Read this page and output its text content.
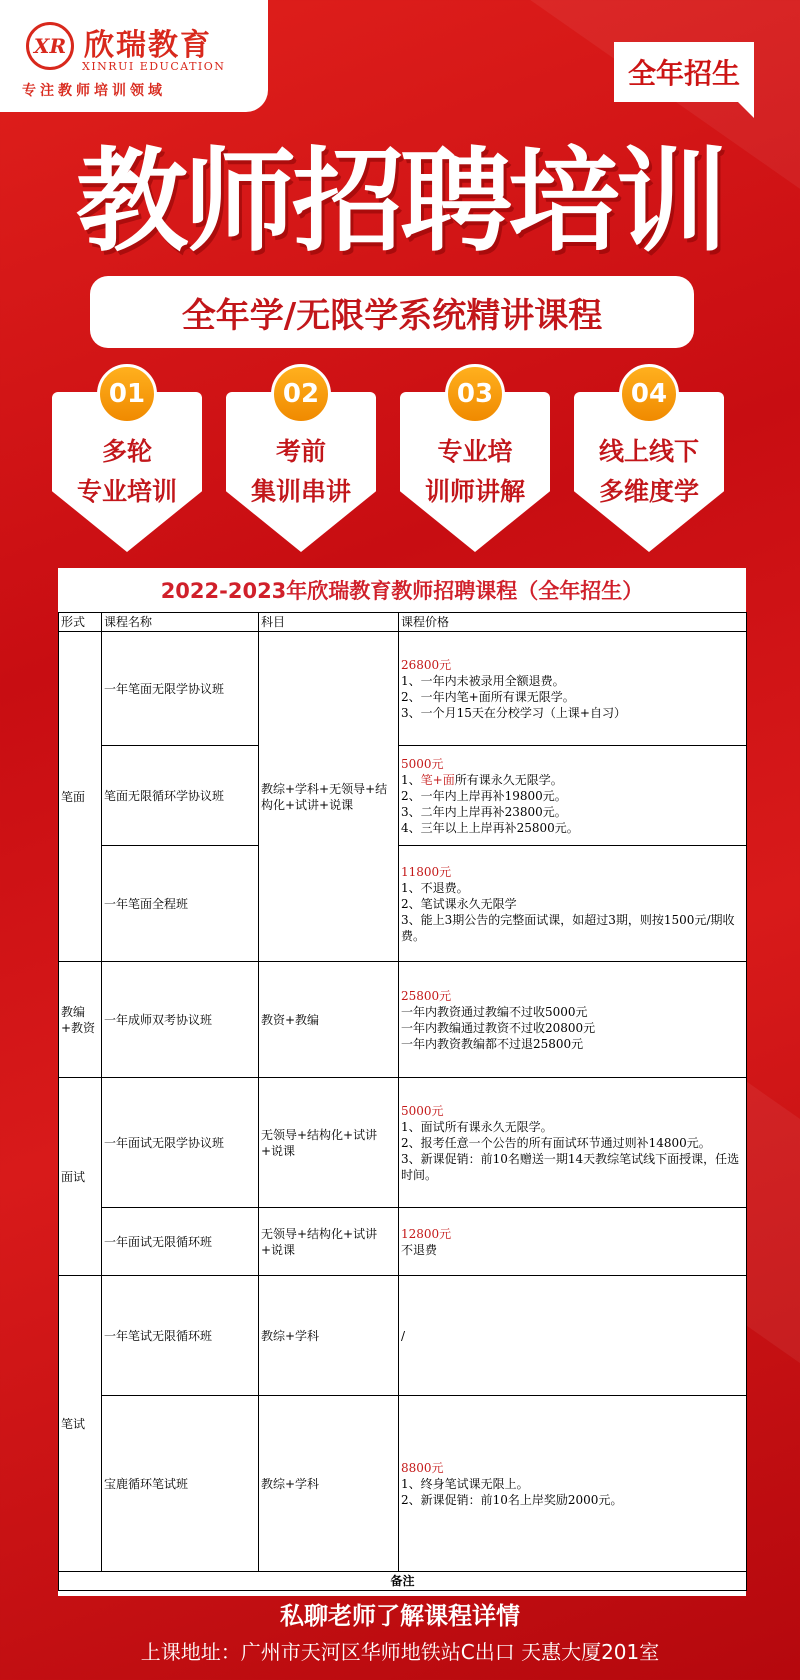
XR 欣瑞教育
XINRUI EDUCATION
专注教师培训领域
全年招生
教师招聘培训
全年学/无限学系统精讲课程
01
多轮
专业培训
02
考前
集训串讲
03
专业培
训师讲解
04
线上线下
多维度学
2022-2023年欣瑞教育教师招聘课程（全年招生）
形式	课程名称	科目	课程价格
笔面	一年笔面无限学协议班	教综+学科+无领导+结构化+试讲+说课	26800元
1、一年内未被录用全额退费。
2、一年内笔+面所有课无限学。
3、一个月15天在分校学习（上课+自习）

	笔面无限循环学协议班		5000元
1、笔+面所有课永久无限学。
2、一年内上岸再补19800元。
3、二年内上岸再补23800元。
4、三年以上上岸再补25800元。

	一年笔面全程班		11800元
1、不退费。
2、笔试课永久无限学
3、能上3期公告的完整面试课，如超过3期，则按1500元/期收费。

教编+教资	一年成师双考协议班	教资+教编	25800元
一年内教资通过教编不过收5000元
一年内教编通过教资不过收20800元
一年内教资教编都不过退25800元

面试	一年面试无限学协议班	无领导+结构化+试讲+说课	5000元
1、面试所有课永久无限学。
2、报考任意一个公告的所有面试环节通过则补14800元。
3、新课促销：前10名赠送一期14天教综笔试线下面授课，任选时间。

	一年面试无限循环班	无领导+结构化+试讲+说课	12800元
不退费

笔试	一年笔试无限循环班	教综+学科	/

	宝鹿循环笔试班	教综+学科	8800元
1、终身笔试课无限上。
2、新课促销：前10名上岸奖励2000元。

备注			
私聊老师了解课程详情
上课地址：广州市天河区华师地铁站C出口 天惠大厦201室
